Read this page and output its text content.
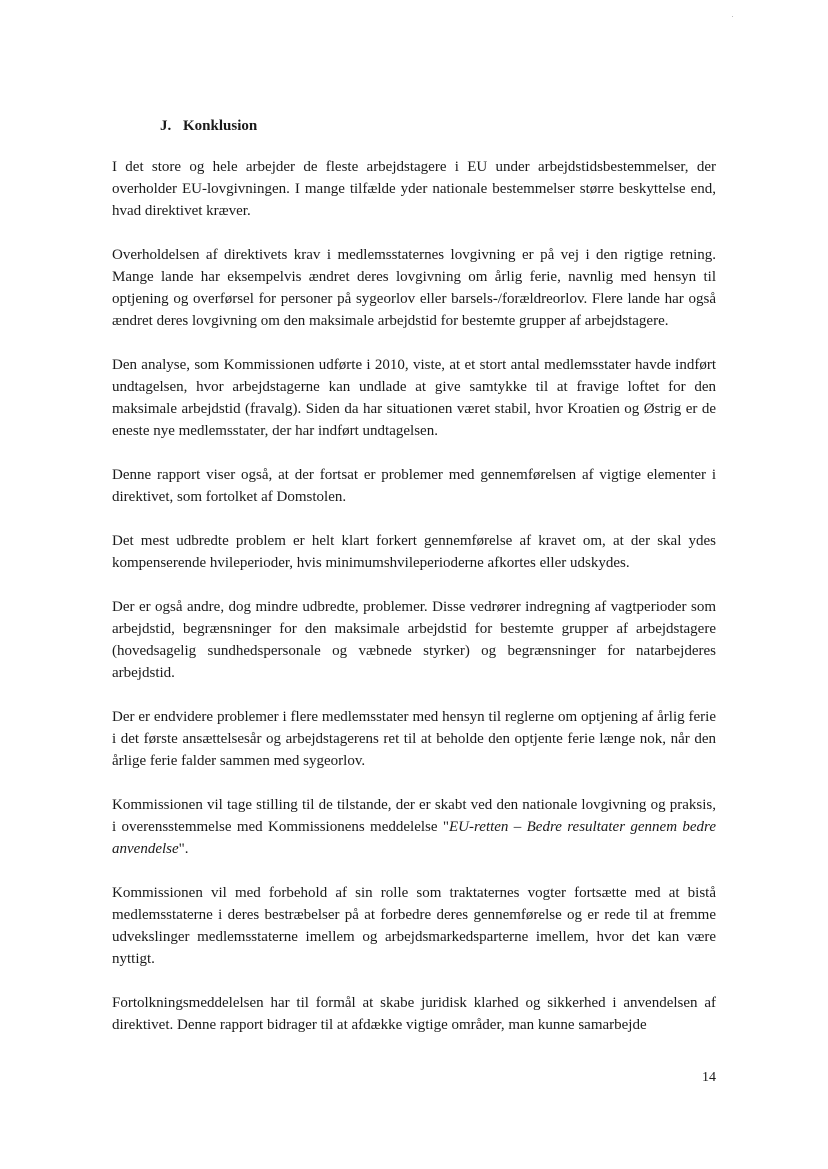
J. Konklusion

I det store og hele arbejder de fleste arbejdstagere i EU under arbejdstidsbestemmelser, der overholder EU-lovgivningen. I mange tilfælde yder nationale bestemmelser større beskyttelse end, hvad direktivet kræver.

Overholdelsen af direktivets krav i medlemsstaternes lovgivning er på vej i den rigtige retning. Mange lande har eksempelvis ændret deres lovgivning om årlig ferie, navnlig med hensyn til optjening og overførsel for personer på sygeorlov eller barsels-/forældreorlov. Flere lande har også ændret deres lovgivning om den maksimale arbejdstid for bestemte grupper af arbejdstagere.

Den analyse, som Kommissionen udførte i 2010, viste, at et stort antal medlemsstater havde indført undtagelsen, hvor arbejdstagerne kan undlade at give samtykke til at fravige loftet for den maksimale arbejdstid (fravalg). Siden da har situationen været stabil, hvor Kroatien og Østrig er de eneste nye medlemsstater, der har indført undtagelsen.

Denne rapport viser også, at der fortsat er problemer med gennemførelsen af vigtige elementer i direktivet, som fortolket af Domstolen.

Det mest udbredte problem er helt klart forkert gennemførelse af kravet om, at der skal ydes kompenserende hvileperioder, hvis minimumshvileperioderne afkortes eller udskydes.

Der er også andre, dog mindre udbredte, problemer. Disse vedrører indregning af vagtperioder som arbejdstid, begrænsninger for den maksimale arbejdstid for bestemte grupper af arbejdstagere (hovedsagelig sundhedspersonale og væbnede styrker) og begrænsninger for natarbejderes arbejdstid.

Der er endvidere problemer i flere medlemsstater med hensyn til reglerne om optjening af årlig ferie i det første ansættelsesår og arbejdstagerens ret til at beholde den optjente ferie længe nok, når den årlige ferie falder sammen med sygeorlov.

Kommissionen vil tage stilling til de tilstande, der er skabt ved den nationale lovgivning og praksis, i overensstemmelse med Kommissionens meddelelse "EU-retten – Bedre resultater gennem bedre anvendelse".

Kommissionen vil med forbehold af sin rolle som traktaternes vogter fortsætte med at bistå medlemsstaterne i deres bestræbelser på at forbedre deres gennemførelse og er rede til at fremme udvekslinger medlemsstaterne imellem og arbejdsmarkedsparterne imellem, hvor det kan være nyttigt.

Fortolkningsmeddelelsen har til formål at skabe juridisk klarhed og sikkerhed i anvendelsen af direktivet. Denne rapport bidrager til at afdække vigtige områder, man kunne samarbejde

14
